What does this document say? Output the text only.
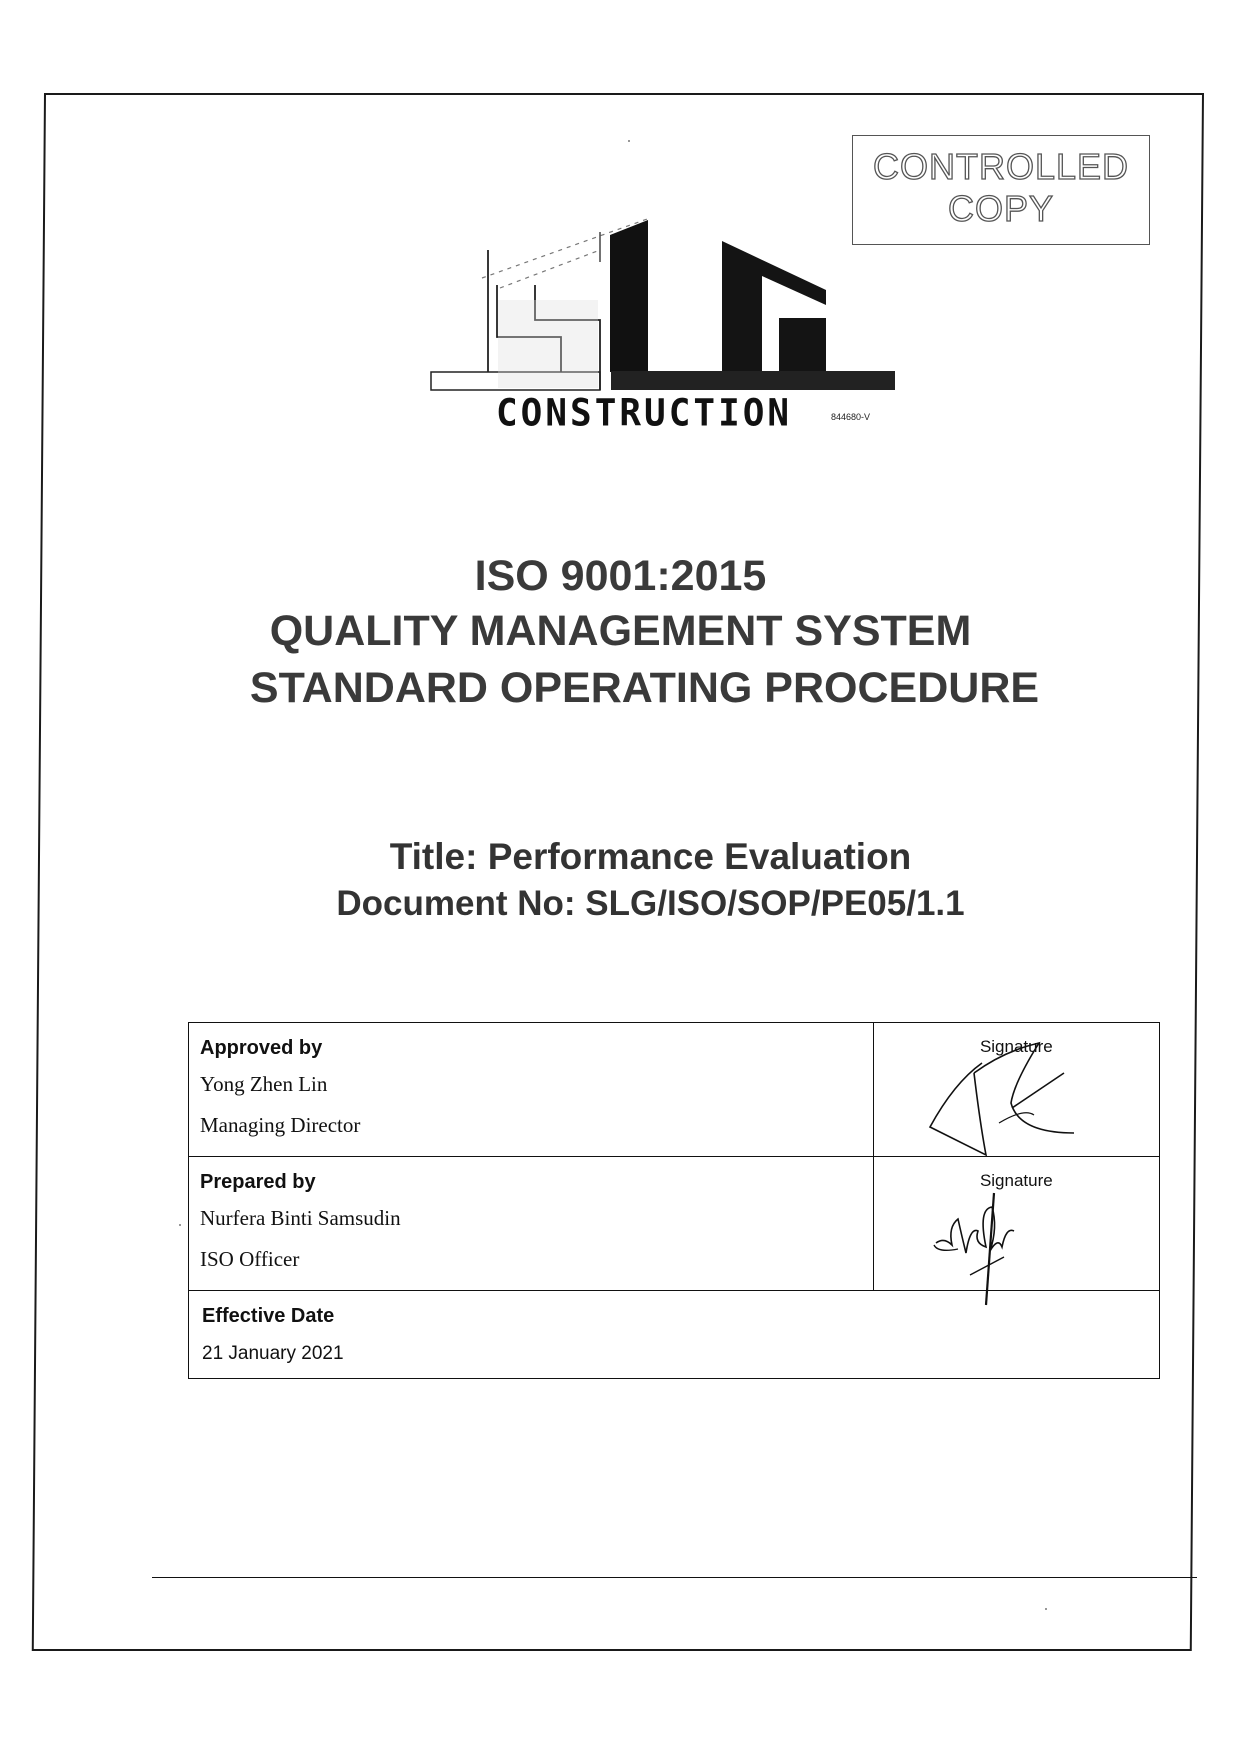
CONTROLLED
COPY
CONSTRUCTION	844680-V
ISO 9001:2015
QUALITY MANAGEMENT SYSTEM
STANDARD OPERATING PROCEDURE
Title: Performance Evaluation
Document No: SLG/ISO/SOP/PE05/1.1
Approved by
Yong Zhen Lin
Managing Director	Signature

Prepared by
Nurfera Binti Samsudin
ISO Officer	Signature

Effective Date
21 January 2021	
